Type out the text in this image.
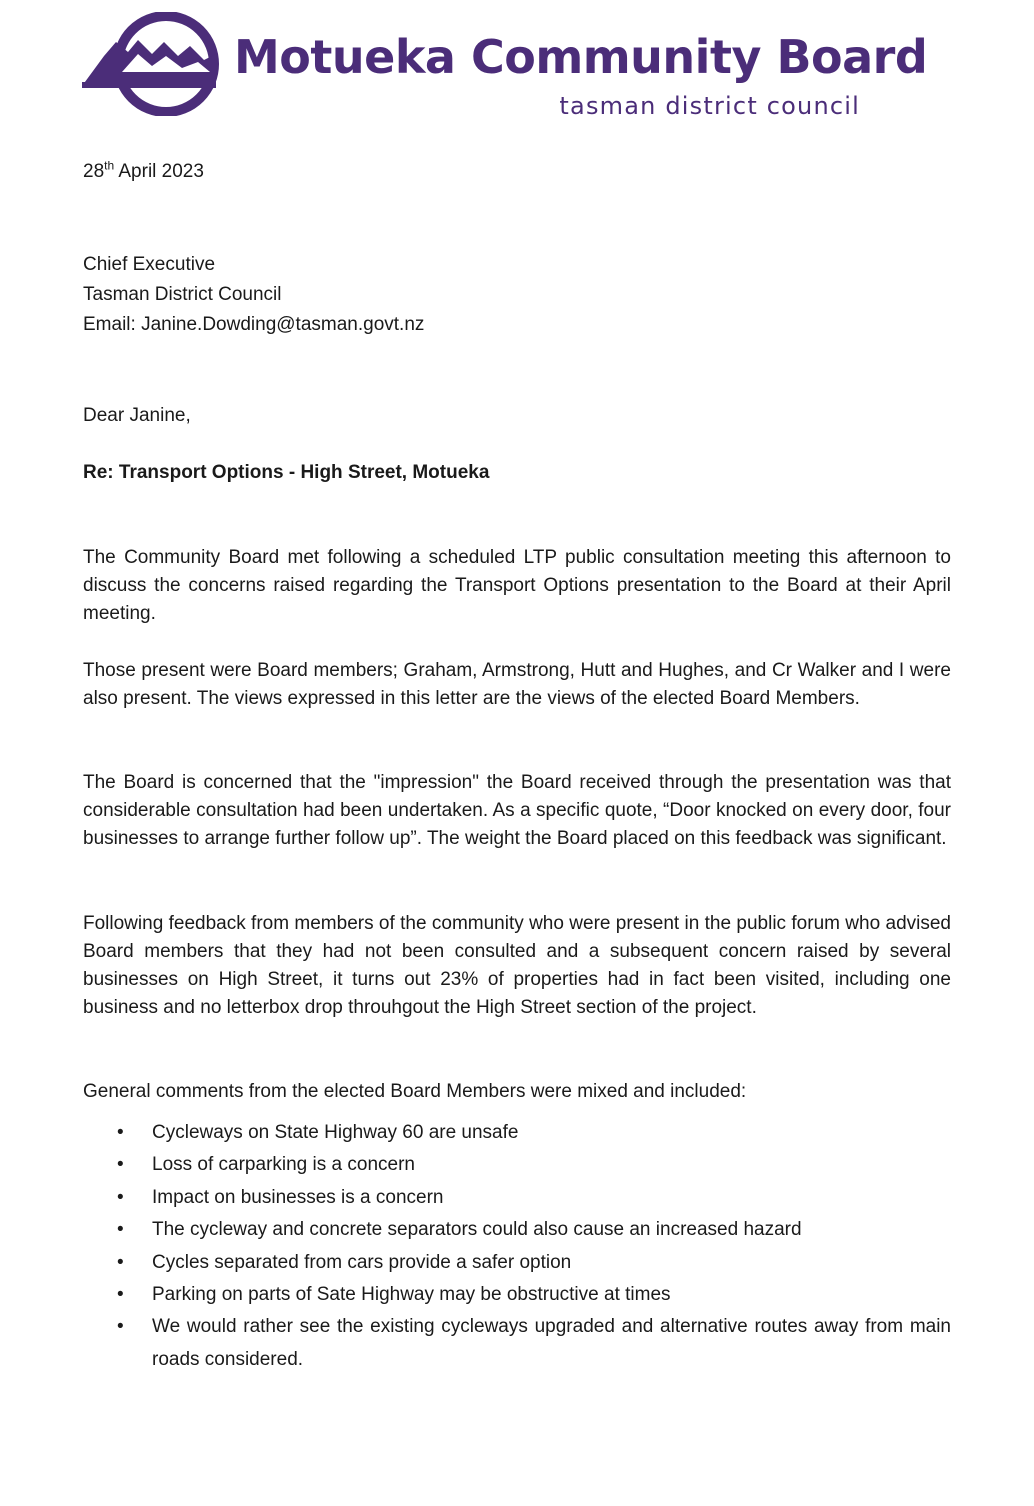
Motueka Community Board
tasman district council
28th April 2023
Chief Executive
Tasman District Council
Email: Janine.Dowding@tasman.govt.nz
Dear Janine,
Re: Transport Options - High Street, Motueka
The Community Board met following a scheduled LTP public consultation meeting this afternoon to discuss the concerns raised regarding the Transport Options presentation to the Board at their April meeting.
Those present were Board members; Graham, Armstrong, Hutt and Hughes, and Cr Walker and I were also present. The views expressed in this letter are the views of the elected Board Members.
The Board is concerned that the "impression" the Board received through the presentation was that considerable consultation had been undertaken. As a specific quote, “Door knocked on every door, four businesses to arrange further follow up”. The weight the Board placed on this feedback was significant.
Following feedback from members of the community who were present in the public forum who advised Board members that they had not been consulted and a subsequent concern raised by several businesses on High Street, it turns out 23% of properties had in fact been visited, including one business and no letterbox drop throuhgout the High Street section of the project.
General comments from the elected Board Members were mixed and included:
• Cycleways on State Highway 60 are unsafe
• Loss of carparking is a concern
• Impact on businesses is a concern
• The cycleway and concrete separators could also cause an increased hazard
• Cycles separated from cars provide a safer option
• Parking on parts of Sate Highway may be obstructive at times
• We would rather see the existing cycleways upgraded and alternative routes away from main roads considered.
